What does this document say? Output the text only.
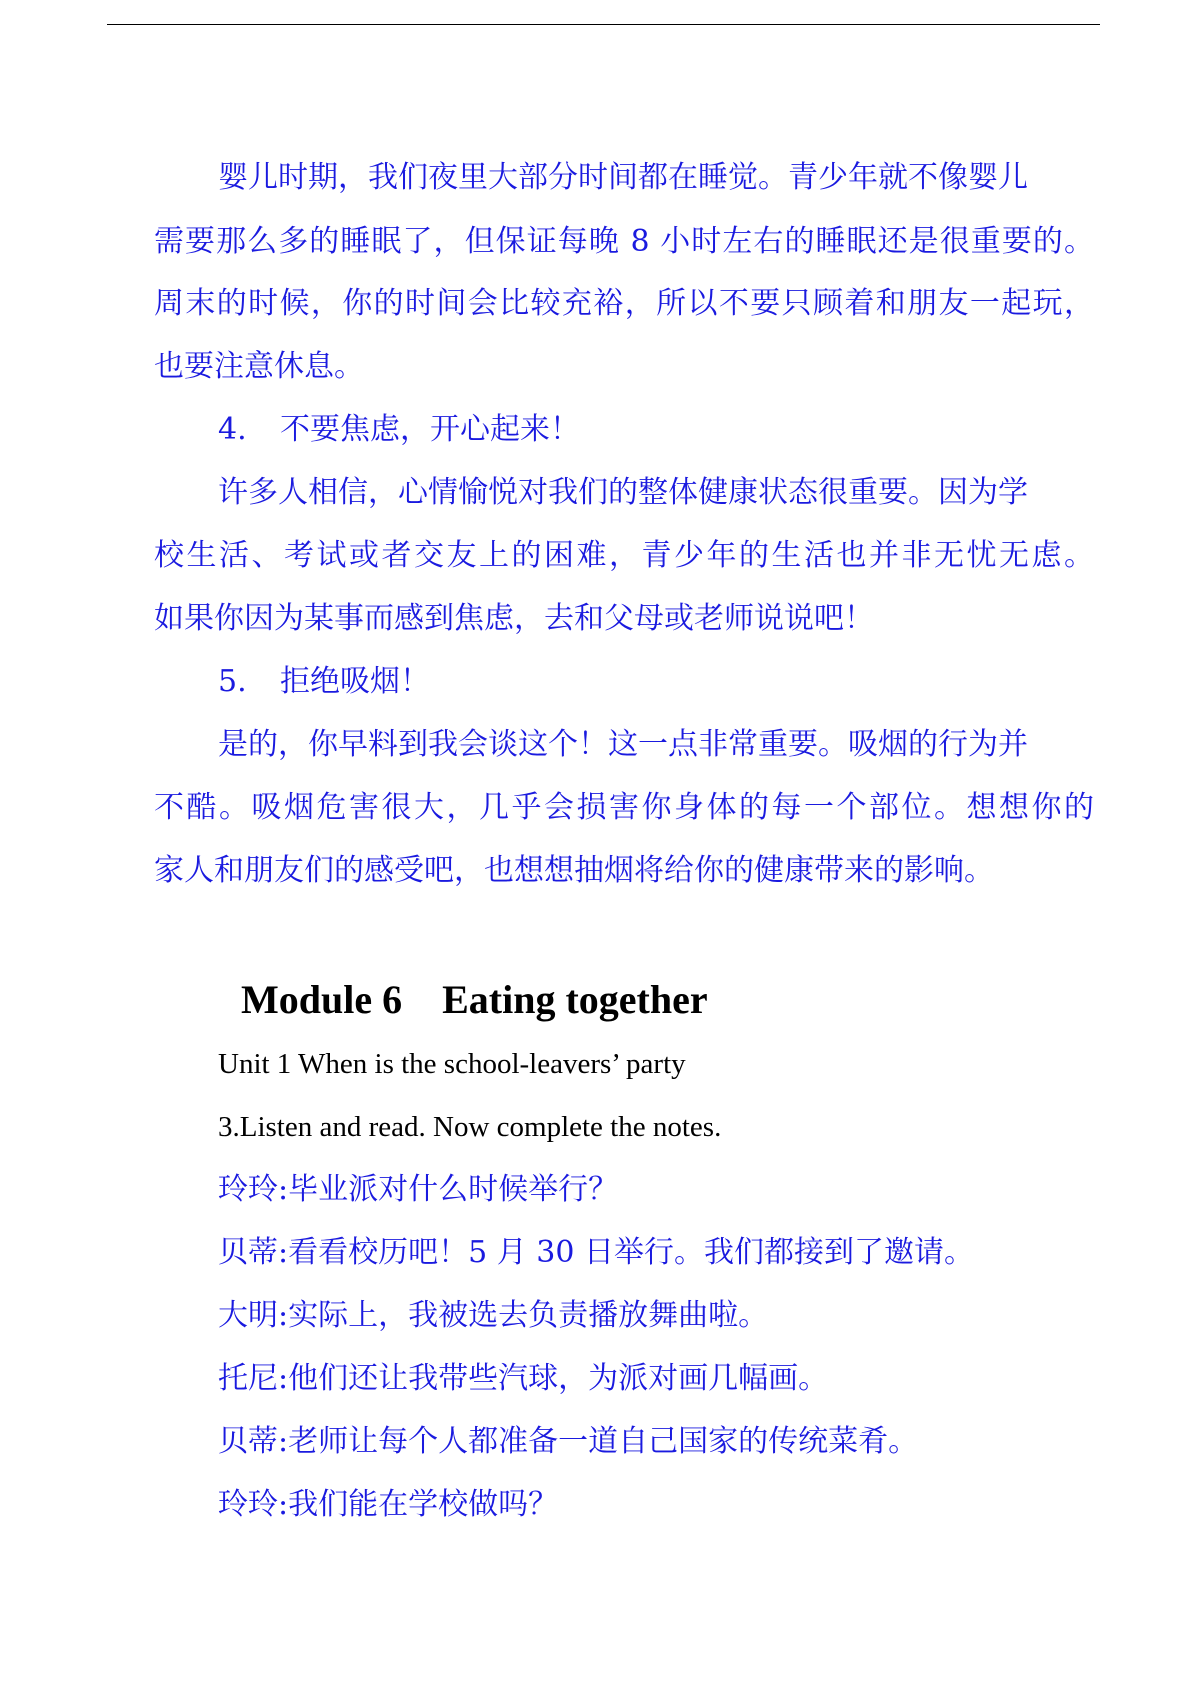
婴儿时期，我们夜里大部分时间都在睡觉。青少年就不像婴儿

需要那么多的睡眠了，但保证每晚 8 小时左右的睡眠还是很重要的。

周末的时候，你的时间会比较充裕，所以不要只顾着和朋友一起玩，

也要注意休息。

4. 不要焦虑，开心起来！

许多人相信，心情愉悦对我们的整体健康状态很重要。因为学

校生活、考试或者交友上的困难，青少年的生活也并非无忧无虑。

如果你因为某事而感到焦虑，去和父母或老师说说吧！

5. 拒绝吸烟！

是的，你早料到我会谈这个！这一点非常重要。吸烟的行为并

不酷。吸烟危害很大，几乎会损害你身体的每一个部位。想想你的

家人和朋友们的感受吧，也想想抽烟将给你的健康带来的影响。

Module 6    Eating together

Unit 1 When is the school-leavers’ party

3.Listen and read. Now complete the notes.

玲玲:毕业派对什么时候举行？

贝蒂:看看校历吧！5 月 30 日举行。我们都接到了邀请。

大明:实际上，我被选去负责播放舞曲啦。

托尼:他们还让我带些汽球，为派对画几幅画。

贝蒂:老师让每个人都准备一道自己国家的传统菜肴。

玲玲:我们能在学校做吗？
